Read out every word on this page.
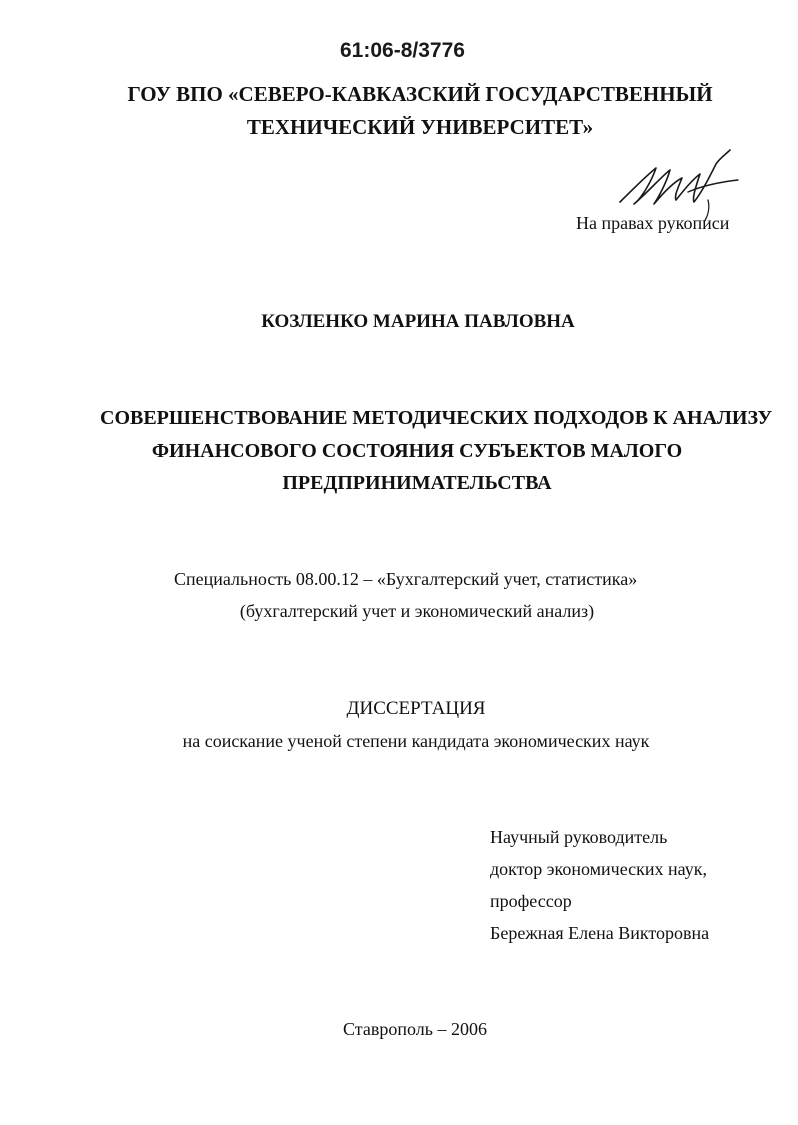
61:06-8/3776
ГОУ ВПО «СЕВЕРО-КАВКАЗСКИЙ ГОСУДАРСТВЕННЫЙ
ТЕХНИЧЕСКИЙ УНИВЕРСИТЕТ»
На правах рукописи
КОЗЛЕНКО МАРИНА ПАВЛОВНА
СОВЕРШЕНСТВОВАНИЕ МЕТОДИЧЕСКИХ ПОДХОДОВ К АНАЛИЗУ
ФИНАНСОВОГО СОСТОЯНИЯ СУБЪЕКТОВ МАЛОГО
ПРЕДПРИНИМАТЕЛЬСТВА
Специальность 08.00.12 – «Бухгалтерский учет, статистика»
(бухгалтерский учет и экономический анализ)
ДИССЕРТАЦИЯ
на соискание ученой степени кандидата экономических наук
Научный руководитель
доктор экономических наук,
профессор
Бережная Елена Викторовна
Ставрополь – 2006
